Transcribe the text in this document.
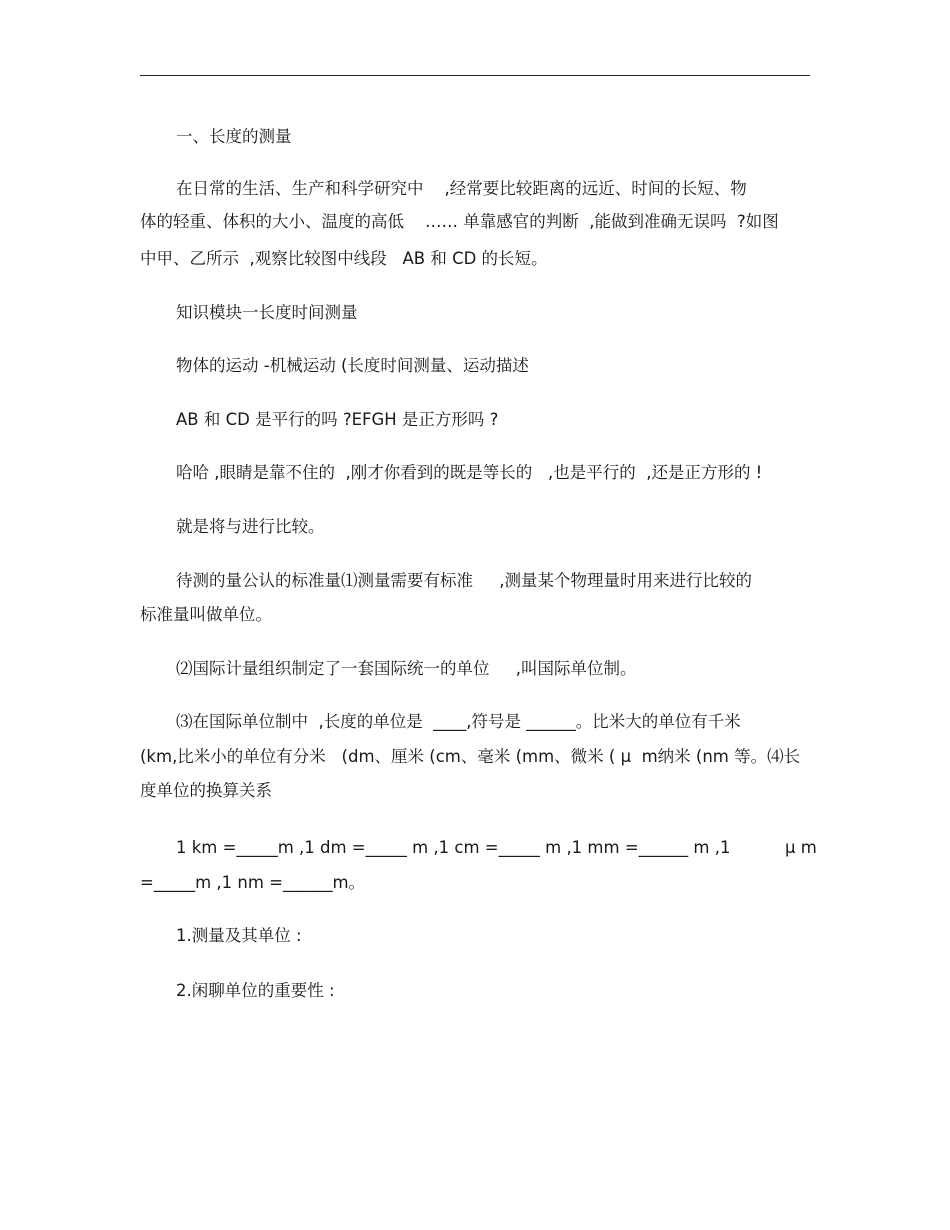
一、长度的测量
在日常的生活、生产和科学研究中    ,经常要比较距离的远近、时间的长短、物
体的轻重、体积的大小、温度的高低    …… 单靠感官的判断  ,能做到准确无误吗  ?如图
中甲、乙所示  ,观察比较图中线段   AB 和 CD 的长短。
知识模块一长度时间测量
物体的运动 -机械运动 (长度时间测量、运动描述
AB 和 CD 是平行的吗 ?EFGH 是正方形吗 ?
哈哈 ,眼睛是靠不住的  ,刚才你看到的既是等长的   ,也是平行的  ,还是正方形的 !
就是将与进行比较。
待测的量公认的标准量⑴测量需要有标准     ,测量某个物理量时用来进行比较的
标准量叫做单位。
⑵国际计量组织制定了一套国际统一的单位     ,叫国际单位制。
⑶在国际单位制中  ,长度的单位是  ____,符号是 ______。比米大的单位有千米
(km,比米小的单位有分米   (dm、厘米 (cm、毫米 (mm、微米 ( μ  m纳米 (nm 等。⑷长
度单位的换算关系
1 km =_____m ,1 dm =_____ m ,1 cm =_____ m ,1 mm =______ m ,1	μ m
=_____m ,1 nm =______m。
1.测量及其单位 :
2.闲聊单位的重要性 :
